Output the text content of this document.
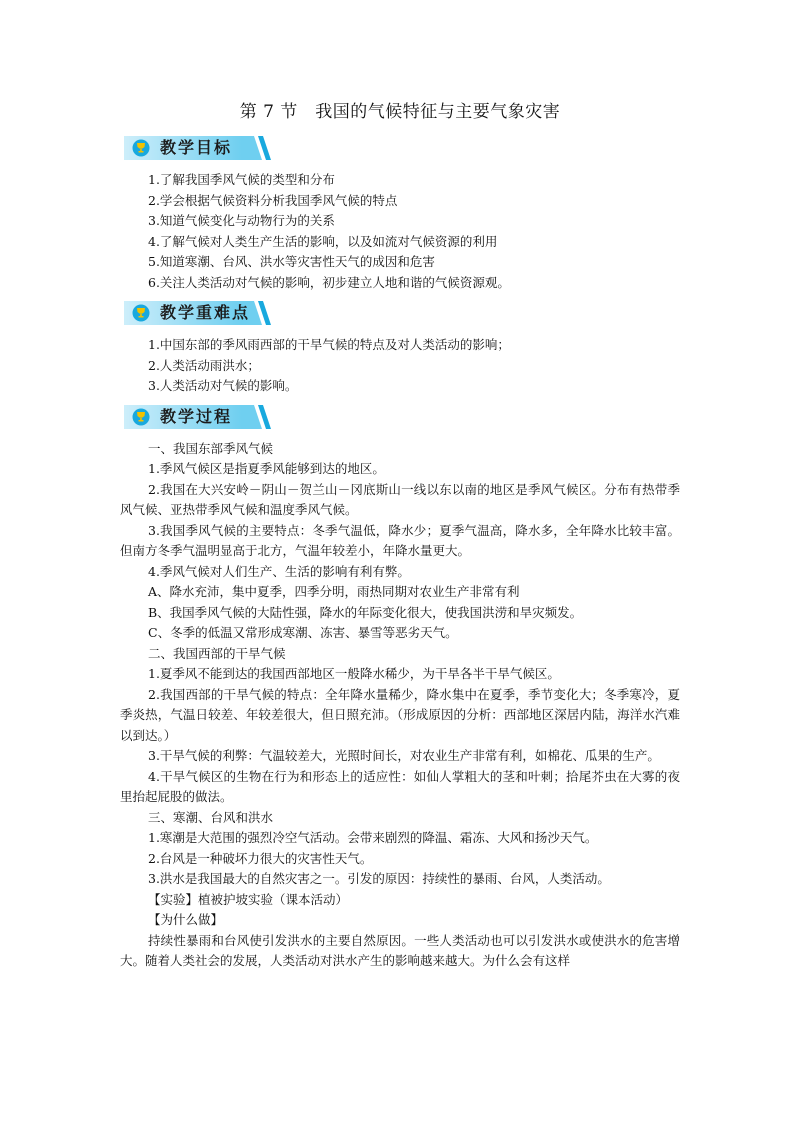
第 7 节　我国的气候特征与主要气象灾害
教学目标

1.了解我国季风气候的类型和分布

2.学会根据气候资料分析我国季风气候的特点

3.知道气候变化与动物行为的关系

4.了解气候对人类生产生活的影响，以及如流对气候资源的利用

5.知道寒潮、台风、洪水等灾害性天气的成因和危害

6.关注人类活动对气候的影响，初步建立人地和谐的气候资源观。

教学重难点

1.中国东部的季风雨西部的干旱气候的特点及对人类活动的影响；

2.人类活动雨洪水；

3.人类活动对气候的影响。

教学过程

一、我国东部季风气候

1.季风气候区是指夏季风能够到达的地区。

2.我国在大兴安岭－阴山－贺兰山－冈底斯山一线以东以南的地区是季风气候区。分布有热带季风气候、亚热带季风气候和温度季风气候。

3.我国季风气候的主要特点：冬季气温低，降水少；夏季气温高，降水多，全年降水比较丰富。但南方冬季气温明显高于北方，气温年较差小，年降水量更大。

4.季风气候对人们生产、生活的影响有利有弊。

A、降水充沛，集中夏季，四季分明，雨热同期对农业生产非常有利

B、我国季风气候的大陆性强，降水的年际变化很大，使我国洪涝和旱灾频发。

C、冬季的低温又常形成寒潮、冻害、暴雪等恶劣天气。

二、我国西部的干旱气候

1.夏季风不能到达的我国西部地区一般降水稀少，为干旱各半干旱气候区。

2.我国西部的干旱气候的特点：全年降水量稀少，降水集中在夏季，季节变化大；冬季寒冷，夏季炎热，气温日较差、年较差很大，但日照充沛。（形成原因的分析：西部地区深居内陆，海洋水汽难以到达。）

3.干旱气候的利弊：气温较差大，光照时间长，对农业生产非常有利，如棉花、瓜果的生产。

4.干旱气候区的生物在行为和形态上的适应性：如仙人掌粗大的茎和叶刺；拾尾芥虫在大雾的夜里抬起屁股的做法。

三、寒潮、台风和洪水

1.寒潮是大范围的强烈冷空气活动。会带来剧烈的降温、霜冻、大风和扬沙天气。

2.台风是一种破坏力很大的灾害性天气。

3.洪水是我国最大的自然灾害之一。引发的原因：持续性的暴雨、台风，人类活动。

【实验】植被护坡实验（课本活动）

【为什么做】

持续性暴雨和台风使引发洪水的主要自然原因。一些人类活动也可以引发洪水或使洪水的危害增大。随着人类社会的发展，人类活动对洪水产生的影响越来越大。为什么会有这样
